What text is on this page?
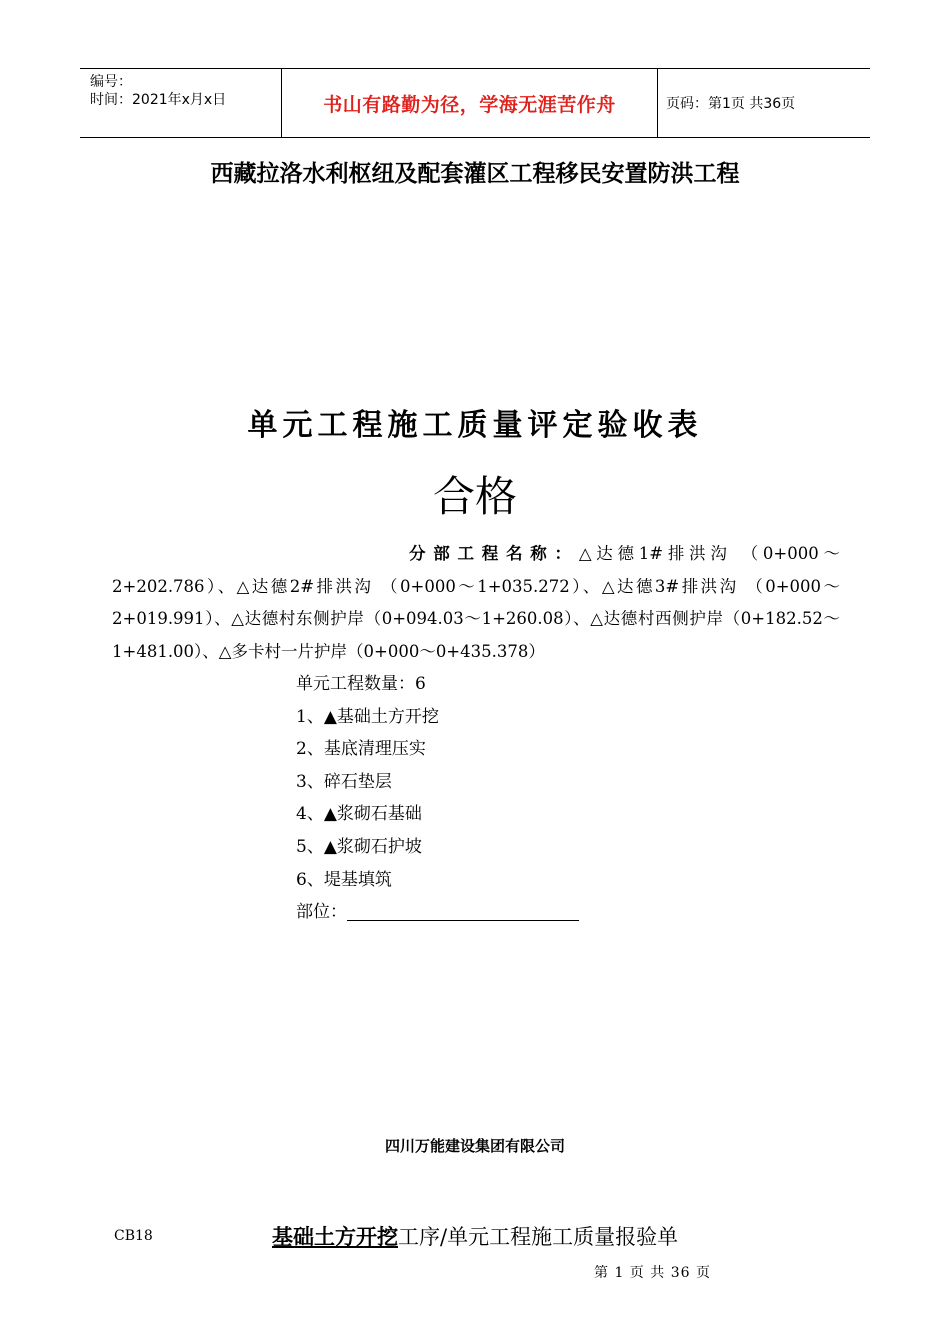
编号：
时间：2021年x月x日	书山有路勤为径，学海无涯苦作舟	页码：第1页 共36页
西藏拉洛水利枢纽及配套灌区工程移民安置防洪工程
单元工程施工质量评定验收表
合格
分部工程名称：△达德1#排洪沟 （0+000～2+202.786）、△达德2#排洪沟 （0+000～1+035.272）、△达德3#排洪沟 （0+000～2+019.991）、△达德村东侧护岸（0+094.03～1+260.08）、△达德村西侧护岸（0+182.52～1+481.00）、△多卡村一片护岸（0+000～0+435.378）
单元工程数量：6
1、▲基础土方开挖
2、基底清理压实
3、碎石垫层
4、▲浆砌石基础
5、▲浆砌石护坡
6、堤基填筑
部位：
四川万能建设集团有限公司
CB18	基础土方开挖工序/单元工程施工质量报验单
第 1 页 共 36 页
